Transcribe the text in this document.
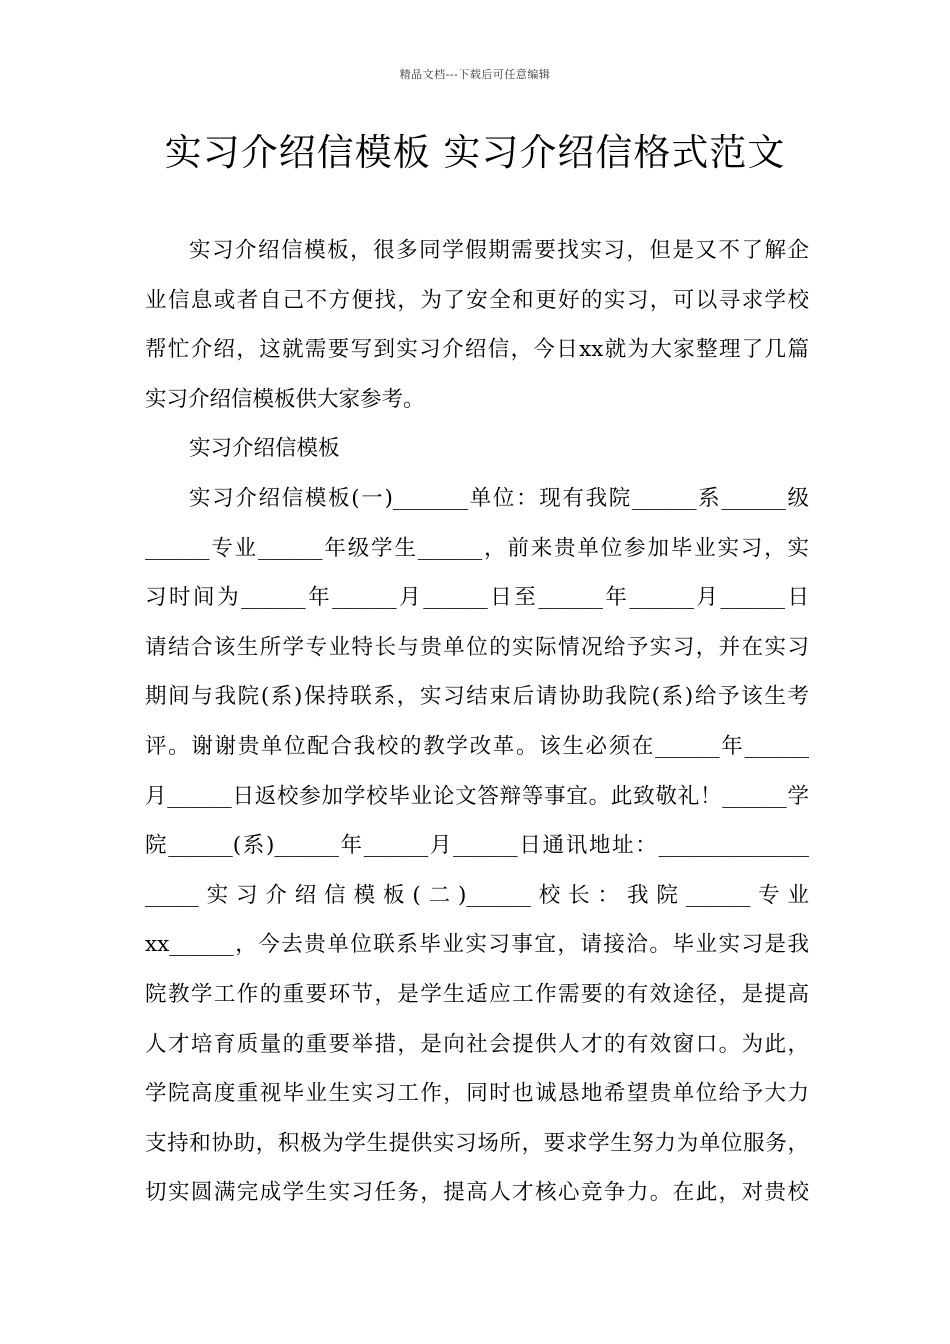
精品文档---下载后可任意编辑
实习介绍信模板 实习介绍信格式范文
实习介绍信模板，很多同学假期需要找实习，但是又不了解企
业信息或者自己不方便找，为了安全和更好的实习，可以寻求学校
帮忙介绍，这就需要写到实习介绍信，今日xx就为大家整理了几篇
实习介绍信模板供大家参考。
实习介绍信模板
实习介绍信模板(一)_______单位：现有我院______系______级
______专业______年级学生______，前来贵单位参加毕业实习，实
习时间为______年______月______日至______年______月______日
请结合该生所学专业特长与贵单位的实际情况给予实习，并在实习
期间与我院(系)保持联系，实习结束后请协助我院(系)给予该生考
评。谢谢贵单位配合我校的教学改革。该生必须在______年______
月______日返校参加学校毕业论文答辩等事宜。此致敬礼！______学
院______(系)______年______月______日通讯地址：______________
_____实习介绍信模板(二)______校长：我院______专业
xx______，今去贵单位联系毕业实习事宜，请接洽。毕业实习是我
院教学工作的重要环节，是学生适应工作需要的有效途径，是提高
人才培育质量的重要举措，是向社会提供人才的有效窗口。为此，
学院高度重视毕业生实习工作，同时也诚恳地希望贵单位给予大力
支持和协助，积极为学生提供实习场所，要求学生努力为单位服务，
切实圆满完成学生实习任务，提高人才核心竞争力。在此，对贵校
